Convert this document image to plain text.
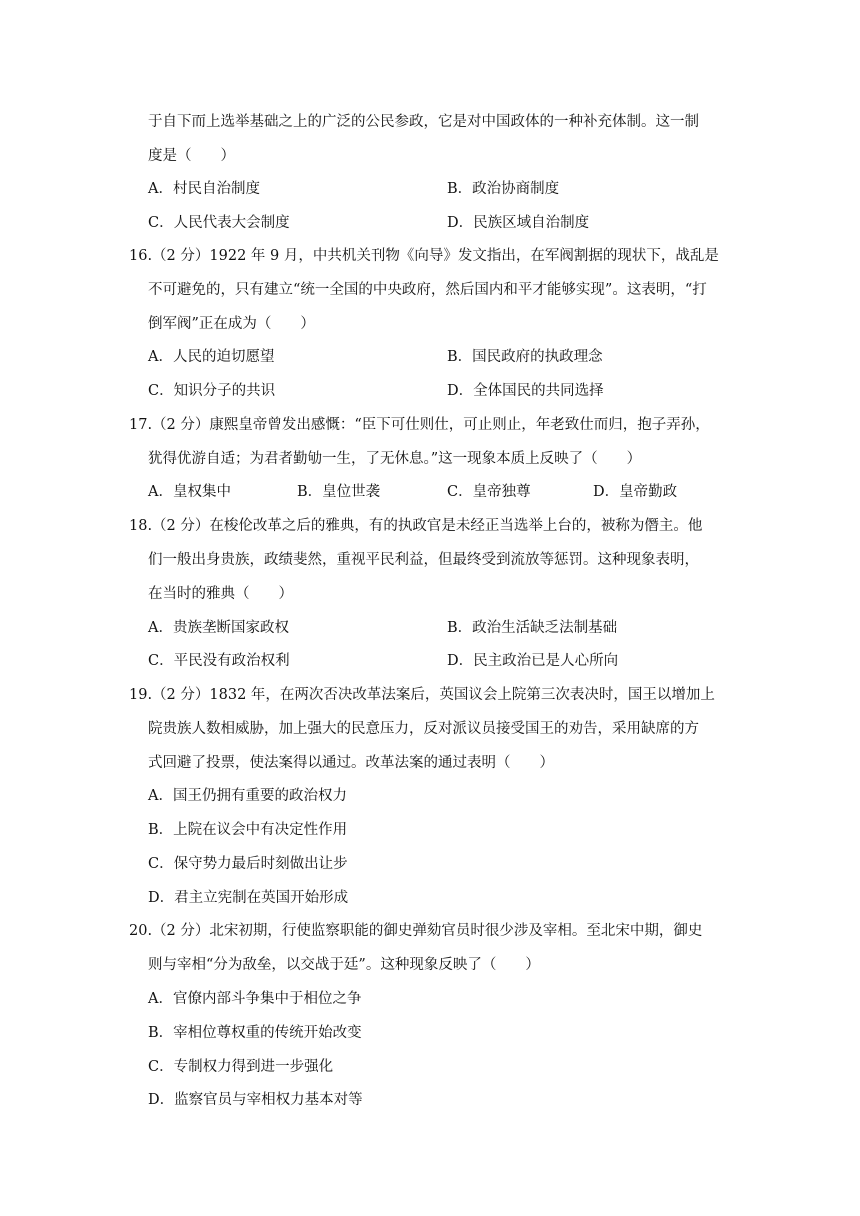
于自下而上选举基础之上的广泛的公民参政，它是对中国政体的一种补充体制。这一制
度是（　　）
A．村民自治制度	B．政治协商制度
C．人民代表大会制度	D．民族区域自治制度
16.（2 分）1922 年 9 月，中共机关刊物《向导》发文指出，在军阀割据的现状下，战乱是
不可避免的，只有建立“统一全国的中央政府，然后国内和平才能够实现”。这表明，“打
倒军阀”正在成为（　　）
A．人民的迫切愿望	B．国民政府的执政理念
C．知识分子的共识	D．全体国民的共同选择
17.（2 分）康熙皇帝曾发出感慨：“臣下可仕则仕，可止则止，年老致仕而归，抱子弄孙，
犹得优游自适；为君者勤劬一生，了无休息。”这一现象本质上反映了（　　）
A．皇权集中	B．皇位世袭	C．皇帝独尊	D．皇帝勤政
18.（2 分）在梭伦改革之后的雅典，有的执政官是未经正当选举上台的，被称为僭主。他
们一般出身贵族，政绩斐然，重视平民利益，但最终受到流放等惩罚。这种现象表明，
在当时的雅典（　　）
A．贵族垄断国家政权	B．政治生活缺乏法制基础
C．平民没有政治权利	D．民主政治已是人心所向
19.（2 分）1832 年，在两次否决改革法案后，英国议会上院第三次表决时，国王以增加上
院贵族人数相威胁，加上强大的民意压力，反对派议员接受国王的劝告，采用缺席的方
式回避了投票，使法案得以通过。改革法案的通过表明（　　）
A．国王仍拥有重要的政治权力
B．上院在议会中有决定性作用
C．保守势力最后时刻做出让步
D．君主立宪制在英国开始形成
20.（2 分）北宋初期，行使监察职能的御史弹劾官员时很少涉及宰相。至北宋中期，御史
则与宰相“分为敌垒，以交战于廷”。这种现象反映了（　　）
A．官僚内部斗争集中于相位之争
B．宰相位尊权重的传统开始改变
C．专制权力得到进一步强化
D．监察官员与宰相权力基本对等
